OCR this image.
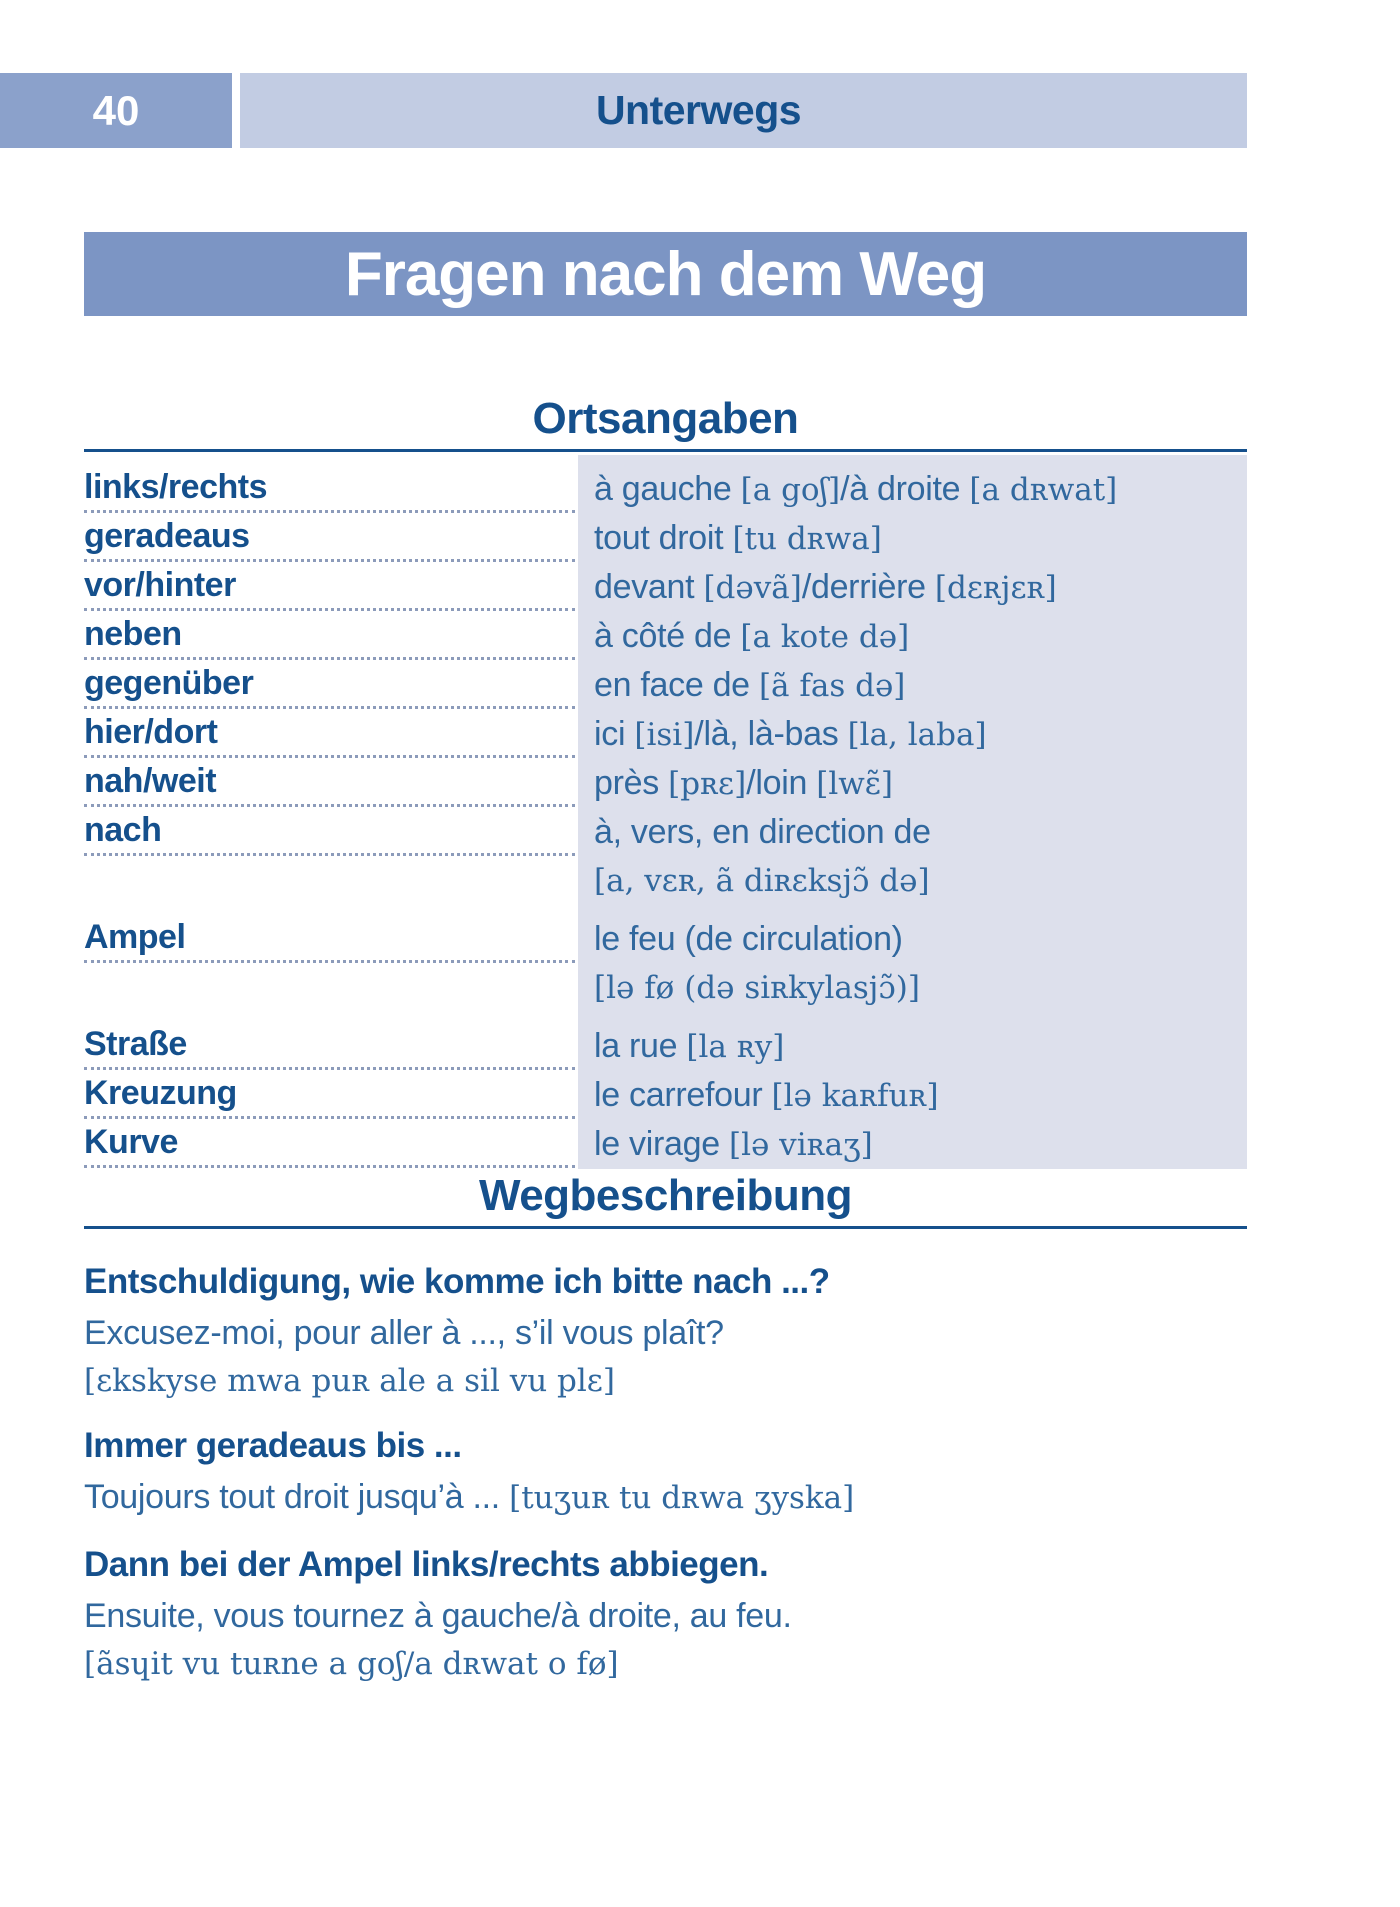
40	Unterwegs
Fragen nach dem Weg
Ortsangaben
links/rechts	à gauche [a goʃ]/à droite [a dʀwat]
geradeaus	tout droit [tu dʀwa]
vor/hinter	devant [dəvã]/derrière [dɛʀjɛʀ]
neben	à côté de [a kote də]
gegenüber	en face de [ã fas də]
hier/dort	ici [isi]/là, là-bas [la, laba]
nah/weit	près [pʀɛ]/loin [lwɛ̃]
nach	à, vers, en direction de
[a, vɛʀ, ã diʀɛksjɔ̃ də]
Ampel	le feu (de circulation)
[lə fø (də siʀkylasjɔ̃)]
Straße	la rue [la ʀy]
Kreuzung	le carrefour [lə kaʀfuʀ]
Kurve	le virage [lə viʀaʒ]
Wegbeschreibung
Entschuldigung, wie komme ich bitte nach ...?
Excusez-moi, pour aller à ..., s’il vous plaît?
[ɛkskyse mwa puʀ ale a sil vu plɛ]
Immer geradeaus bis ...
Toujours tout droit jusqu’à ... [tuʒuʀ tu dʀwa ʒyska]
Dann bei der Ampel links/rechts abbiegen.
Ensuite, vous tournez à gauche/à droite, au feu.
[ãsɥit vu tuʀne a goʃ/a dʀwat o fø]
